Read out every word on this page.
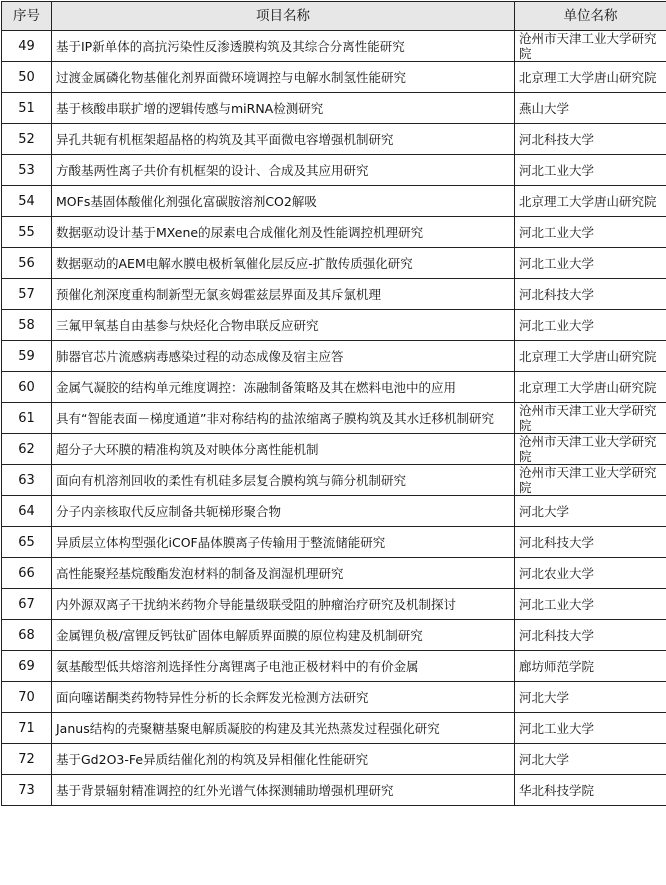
序号	项目名称	单位名称
49	基于IP新单体的高抗污染性反渗透膜构筑及其综合分离性能研究	沧州市天津工业大学研究院
50	过渡金属磷化物基催化剂界面微环境调控与电解水制氢性能研究	北京理工大学唐山研究院
51	基于核酸串联扩增的逻辑传感与miRNA检测研究	燕山大学
52	异孔共轭有机框架超晶格的构筑及其平面微电容增强机制研究	河北科技大学
53	方酸基两性离子共价有机框架的设计、合成及其应用研究	河北工业大学
54	MOFs基固体酸催化剂强化富碳胺溶剂CO2解吸	北京理工大学唐山研究院
55	数据驱动设计基于MXene的尿素电合成催化剂及性能调控机理研究	河北工业大学
56	数据驱动的AEM电解水膜电极析氧催化层反应-扩散传质强化研究	河北工业大学
57	预催化剂深度重构制新型无氯亥姆霍兹层界面及其斥氯机理	河北科技大学
58	三氟甲氧基自由基参与炔烃化合物串联反应研究	河北工业大学
59	肺器官芯片流感病毒感染过程的动态成像及宿主应答	北京理工大学唐山研究院
60	金属气凝胶的结构单元维度调控：冻融制备策略及其在燃料电池中的应用	北京理工大学唐山研究院
61	具有“智能表面－梯度通道”非对称结构的盐浓缩离子膜构筑及其水迁移机制研究	沧州市天津工业大学研究院
62	超分子大环膜的精准构筑及对映体分离性能机制	沧州市天津工业大学研究院
63	面向有机溶剂回收的柔性有机硅多层复合膜构筑与筛分机制研究	沧州市天津工业大学研究院
64	分子内亲核取代反应制备共轭梯形聚合物	河北大学
65	异质层立体构型强化iCOF晶体膜离子传输用于整流储能研究	河北科技大学
66	高性能聚羟基烷酸酯发泡材料的制备及润湿机理研究	河北农业大学
67	内外源双离子干扰纳米药物介导能量级联受阻的肿瘤治疗研究及机制探讨	河北工业大学
68	金属锂负极/富锂反钙钛矿固体电解质界面膜的原位构建及机制研究	河北科技大学
69	氨基酸型低共熔溶剂选择性分离锂离子电池正极材料中的有价金属	廊坊师范学院
70	面向噻诺酮类药物特异性分析的长余辉发光检测方法研究	河北大学
71	Janus结构的壳聚糖基聚电解质凝胶的构建及其光热蒸发过程强化研究	河北工业大学
72	基于Gd2O3-Fe异质结催化剂的构筑及异相催化性能研究	河北大学
73	基于背景辐射精准调控的红外光谱气体探测辅助增强机理研究	华北科技学院
